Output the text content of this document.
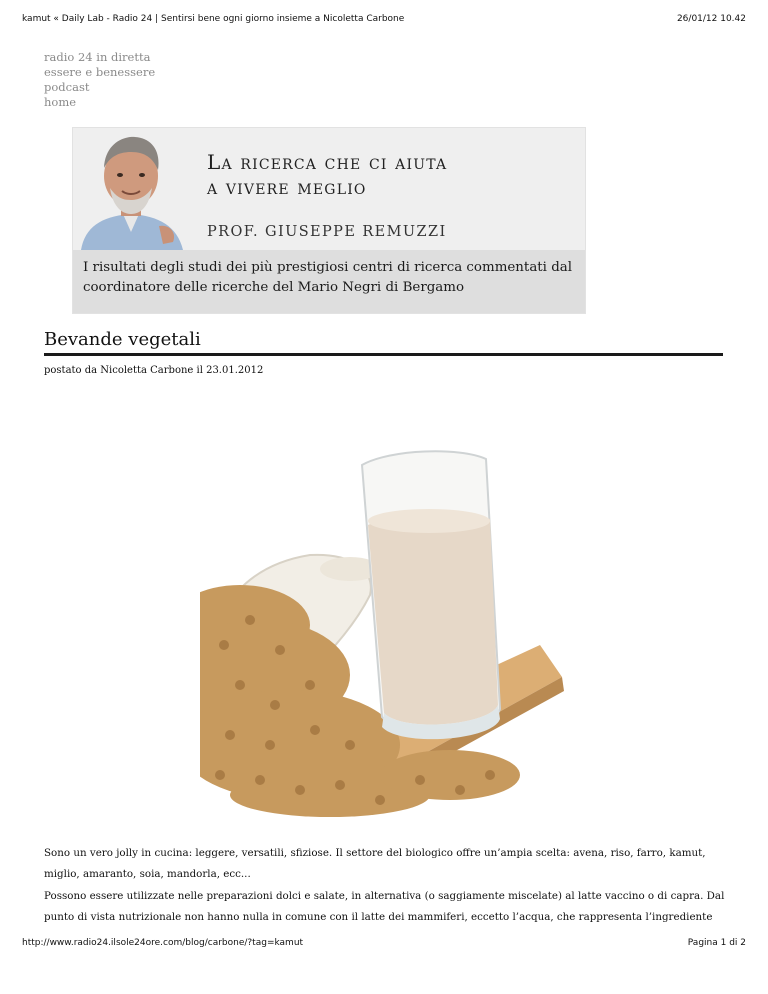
kamut « Daily Lab - Radio 24 | Sentirsi bene ogni giorno insieme a Nicoletta Carbone	26/01/12 10.42
radio 24 in diretta
essere e benessere
podcast
home
La ricerca che ci aiuta
a vivere meglio
PROF. GIUSEPPE REMUZZI
I risultati degli studi dei più prestigiosi centri di ricerca commentati dal coordinatore delle ricerche del Mario Negri di Bergamo
Bevande vegetali
postato da Nicoletta Carbone il 23.01.2012

Sono un vero jolly in cucina: leggere, versatili, sfiziose. Il settore del biologico offre un’ampia scelta: avena, riso, farro, kamut, miglio, amaranto, soia, mandorla, ecc...

Possono essere utilizzate nelle preparazioni dolci e salate, in alternativa (o saggiamente miscelate) al latte vaccino o di capra. Dal punto di vista nutrizionale non hanno nulla in comune con il latte dei mammiferi, eccetto l’acqua, che rappresenta l’ingrediente

http://www.radio24.ilsole24ore.com/blog/carbone/?tag=kamut	Pagina 1 di 2
